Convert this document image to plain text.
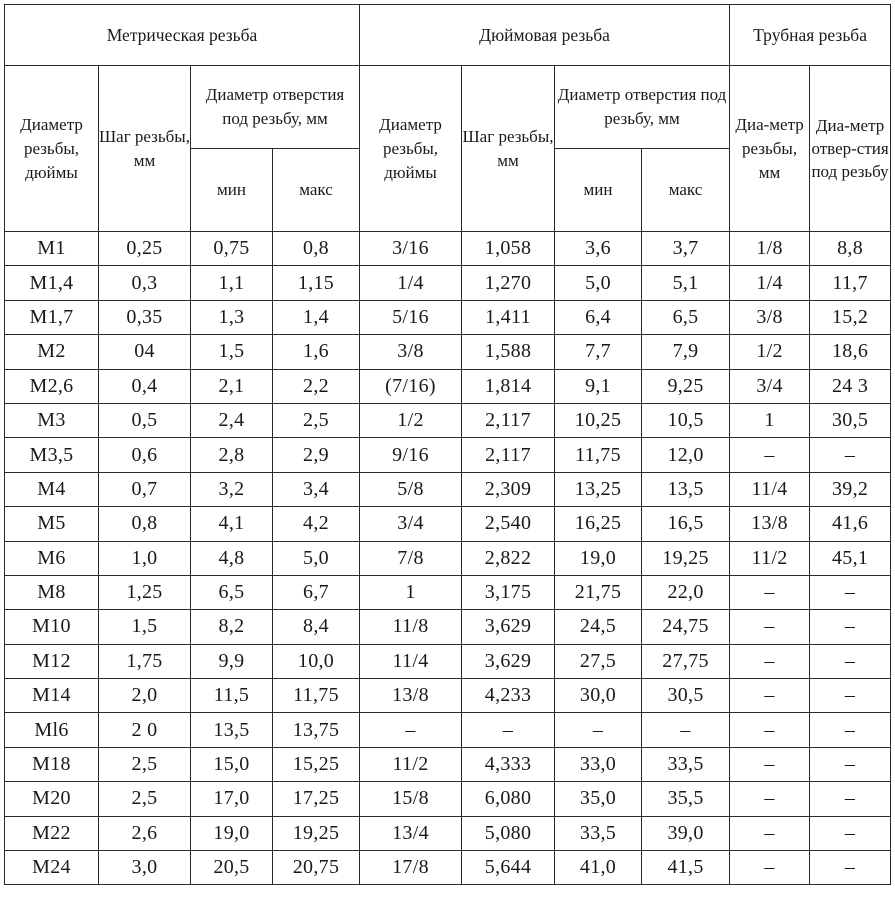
Метрическая резьба				Дюймовая резьба				Трубная резьба	
Диаметр резьбы, дюймы	Шаг резьбы, мм	Диаметр отверстия под резьбу, мм		Диаметр резьбы, дюймы	Шаг резьбы, мм	Диаметр отверстия под резьбу, мм		Диа-метр резьбы, мм	Диа-метр отвер-стия под резьбу
		мин	макс			мин	макс		
M1	0,25	0,75	0,8	3/16	1,058	3,6	3,7	1/8	8,8
M1,4	0,3	1,1	1,15	1/4	1,270	5,0	5,1	1/4	11,7
M1,7	0,35	1,3	1,4	5/16	1,411	6,4	6,5	3/8	15,2
M2	04	1,5	1,6	3/8	1,588	7,7	7,9	1/2	18,6
M2,6	0,4	2,1	2,2	(7/16)	1,814	9,1	9,25	3/4	24 3
M3	0,5	2,4	2,5	1/2	2,117	10,25	10,5	1	30,5
M3,5	0,6	2,8	2,9	9/16	2,117	11,75	12,0	–	–
M4	0,7	3,2	3,4	5/8	2,309	13,25	13,5	11/4	39,2
M5	0,8	4,1	4,2	3/4	2,540	16,25	16,5	13/8	41,6
M6	1,0	4,8	5,0	7/8	2,822	19,0	19,25	11/2	45,1
M8	1,25	6,5	6,7	1	3,175	21,75	22,0	–	–
M10	1,5	8,2	8,4	11/8	3,629	24,5	24,75	–	–
M12	1,75	9,9	10,0	11/4	3,629	27,5	27,75	–	–
M14	2,0	11,5	11,75	13/8	4,233	30,0	30,5	–	–
Ml6	2 0	13,5	13,75	–	–	–	–	–	–
M18	2,5	15,0	15,25	11/2	4,333	33,0	33,5	–	–
M20	2,5	17,0	17,25	15/8	6,080	35,0	35,5	–	–
M22	2,6	19,0	19,25	13/4	5,080	33,5	39,0	–	–
M24	3,0	20,5	20,75	17/8	5,644	41,0	41,5	–	–
